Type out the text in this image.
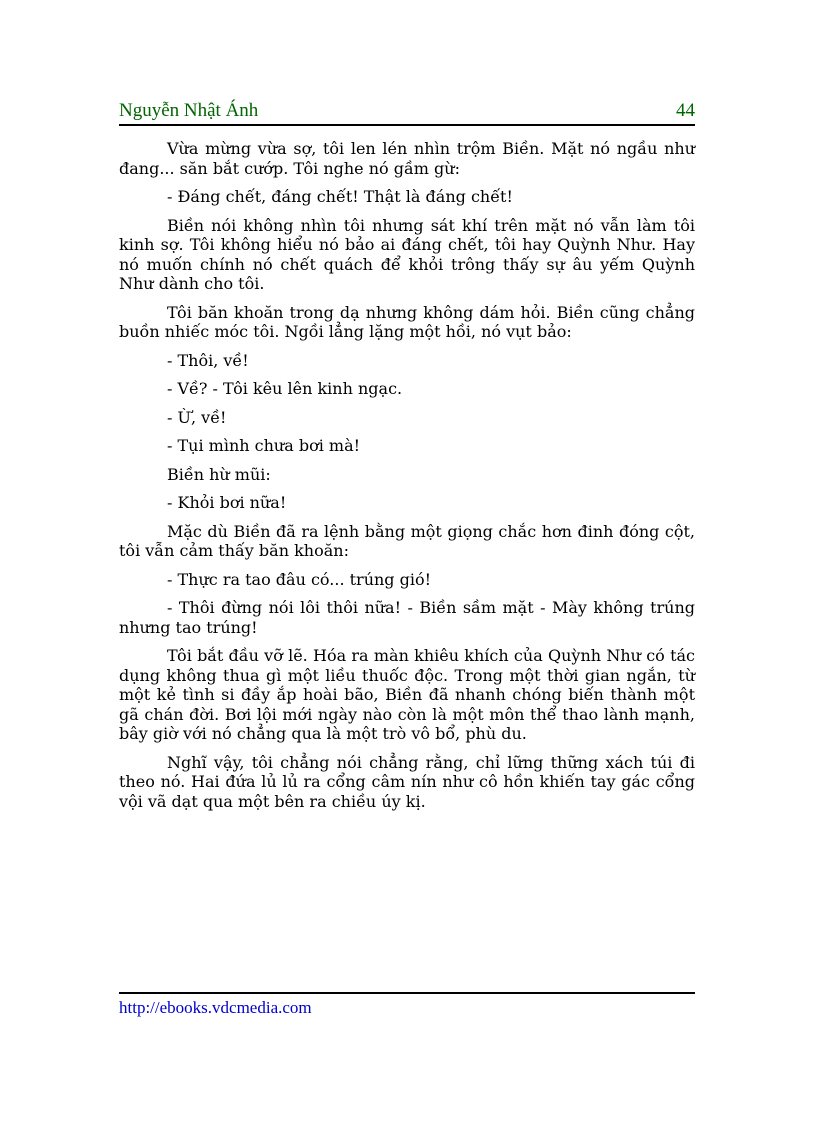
Nguyễn Nhật Ánh	44

Vừa mừng vừa sợ, tôi len lén nhìn trộm Biền. Mặt nó ngầu như đang... săn bắt cướp. Tôi nghe nó gầm gừ:

- Đáng chết, đáng chết! Thật là đáng chết!

Biền nói không nhìn tôi nhưng sát khí trên mặt nó vẫn làm tôi kinh sợ. Tôi không hiểu nó bảo ai đáng chết, tôi hay Quỳnh Như. Hay nó muốn chính nó chết quách để khỏi trông thấy sự âu yếm Quỳnh Như dành cho tôi.

Tôi băn khoăn trong dạ nhưng không dám hỏi. Biền cũng chẳng buồn nhiếc móc tôi. Ngồi lẳng lặng một hồi, nó vụt bảo:

- Thôi, về!

- Về? - Tôi kêu lên kinh ngạc.

- Ừ, về!

- Tụi mình chưa bơi mà!

Biền hừ mũi:

- Khỏi bơi nữa!

Mặc dù Biền đã ra lệnh bằng một giọng chắc hơn đinh đóng cột, tôi vẫn cảm thấy băn khoăn:

- Thực ra tao đâu có... trúng gió!

- Thôi đừng nói lôi thôi nữa! - Biền sầm mặt - Mày không trúng nhưng tao trúng!

Tôi bắt đầu vỡ lẽ. Hóa ra màn khiêu khích của Quỳnh Như có tác dụng không thua gì một liều thuốc độc. Trong một thời gian ngắn, từ một kẻ tình si đầy ắp hoài bão, Biền đã nhanh chóng biến thành một gã chán đời. Bơi lội mới ngày nào còn là một môn thể thao lành mạnh, bây giờ với nó chẳng qua là một trò vô bổ, phù du.

Nghĩ vậy, tôi chẳng nói chẳng rằng, chỉ lững thững xách túi đi theo nó. Hai đứa lủ lủ ra cổng câm nín như cô hồn khiến tay gác cổng vội vã dạt qua một bên ra chiều úy kị.

http://ebooks.vdcmedia.com
